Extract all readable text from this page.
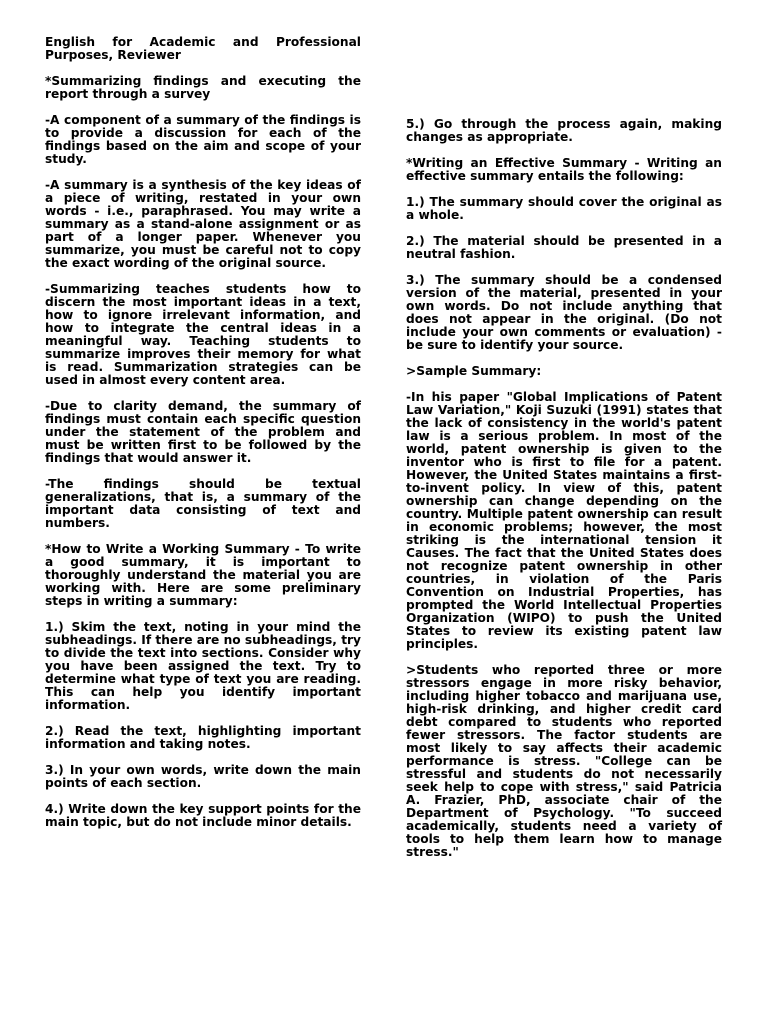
English for Academic and Professional Purposes, Reviewer

*Summarizing findings and executing the report through a survey

-A component of a summary of the findings is to provide a discussion for each of the findings based on the aim and scope of your study.

-A summary is a synthesis of the key ideas of a piece of writing, restated in your own words - i.e., paraphrased. You may write a summary as a stand-alone assignment or as part of a longer paper. Whenever you summarize, you must be careful not to copy the exact wording of the original source.

-Summarizing teaches students how to discern the most important ideas in a text, how to ignore irrelevant information, and how to integrate the central ideas in a meaningful way. Teaching students to summarize improves their memory for what is read. Summarization strategies can be used in almost every content area.

-Due to clarity demand, the summary of findings must contain each specific question under the statement of the problem and must be written first to be followed by the findings that would answer it.

-The findings should be textual generalizations, that is, a summary of the important data consisting of text and numbers.

*How to Write a Working Summary - To write a good summary, it is important to thoroughly understand the material you are working with. Here are some preliminary steps in writing a summary:

1.) Skim the text, noting in your mind the subheadings. If there are no subheadings, try to divide the text into sections. Consider why you have been assigned the text. Try to determine what type of text you are reading. This can help you identify important information.

2.) Read the text, highlighting important information and taking notes.

3.) In your own words, write down the main points of each section.

4.) Write down the key support points for the main topic, but do not include minor details.

5.) Go through the process again, making changes as appropriate.

*Writing an Effective Summary - Writing an effective summary entails the following:

1.) The summary should cover the original as a whole.

2.) The material should be presented in a neutral fashion.

3.) The summary should be a condensed version of the material, presented in your own words. Do not include anything that does not appear in the original. (Do not include your own comments or evaluation) - be sure to identify your source.

>Sample Summary:

-In his paper "Global Implications of Patent Law Variation," Koji Suzuki (1991) states that the lack of consistency in the world's patent law is a serious problem. In most of the world, patent ownership is given to the inventor who is first to file for a patent. However, the United States maintains a first-to-invent policy. In view of this, patent ownership can change depending on the country. Multiple patent ownership can result in economic problems; however, the most striking is the international tension it Causes. The fact that the United States does not recognize patent ownership in other countries, in violation of the Paris Convention on Industrial Properties, has prompted the World Intellectual Properties Organization (WIPO) to push the United States to review its existing patent law principles.

>Students who reported three or more stressors engage in more risky behavior, including higher tobacco and marijuana use, high-risk drinking, and higher credit card debt compared to students who reported fewer stressors. The factor students are most likely to say affects their academic performance is stress. "College can be stressful and students do not necessarily seek help to cope with stress," said Patricia A. Frazier, PhD, associate chair of the Department of Psychology. "To succeed academically, students need a variety of tools to help them learn how to manage stress."
